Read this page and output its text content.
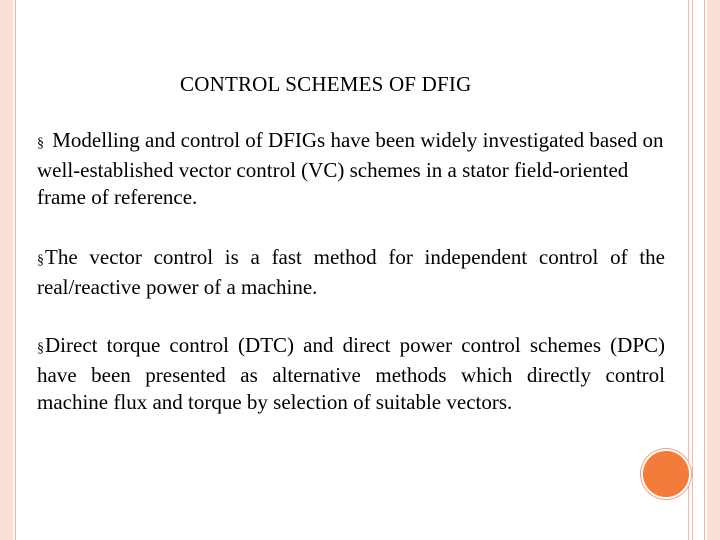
CONTROL SCHEMES OF DFIG
§ Modelling and control of DFIGs have been widely investigated based on well-established vector control (VC) schemes in a stator field-oriented frame of reference.
§The vector control is a fast method for independent control of the real/reactive power of a machine.
§Direct torque control (DTC) and direct power control schemes (DPC) have been presented as alternative methods which directly control machine flux and torque by selection of suitable vectors.
